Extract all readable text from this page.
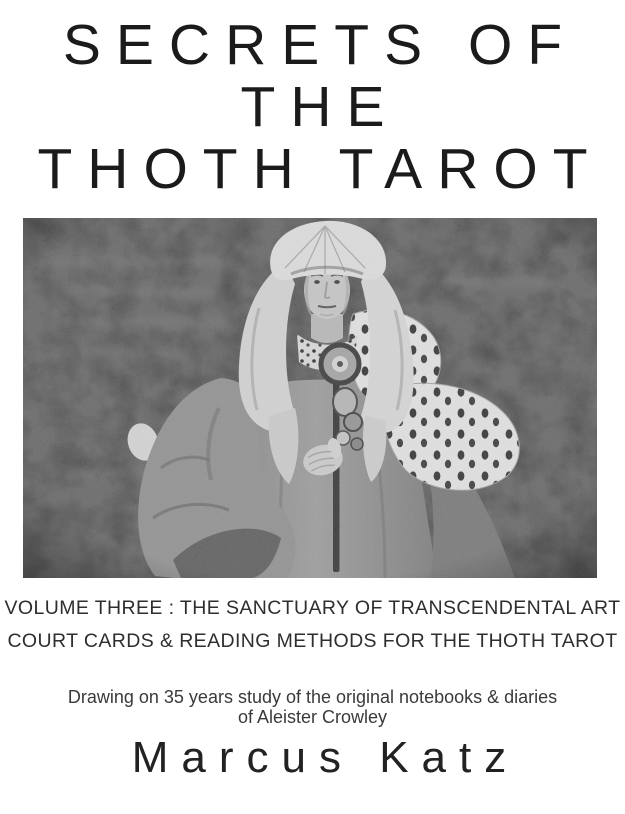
SECRETS OF
THE
THOTH TAROT
VOLUME THREE : THE SANCTUARY OF TRANSCENDENTAL ART
COURT CARDS & READING METHODS FOR THE THOTH TAROT
Drawing on 35 years study of the original notebooks & diaries
of Aleister Crowley
Marcus Katz
